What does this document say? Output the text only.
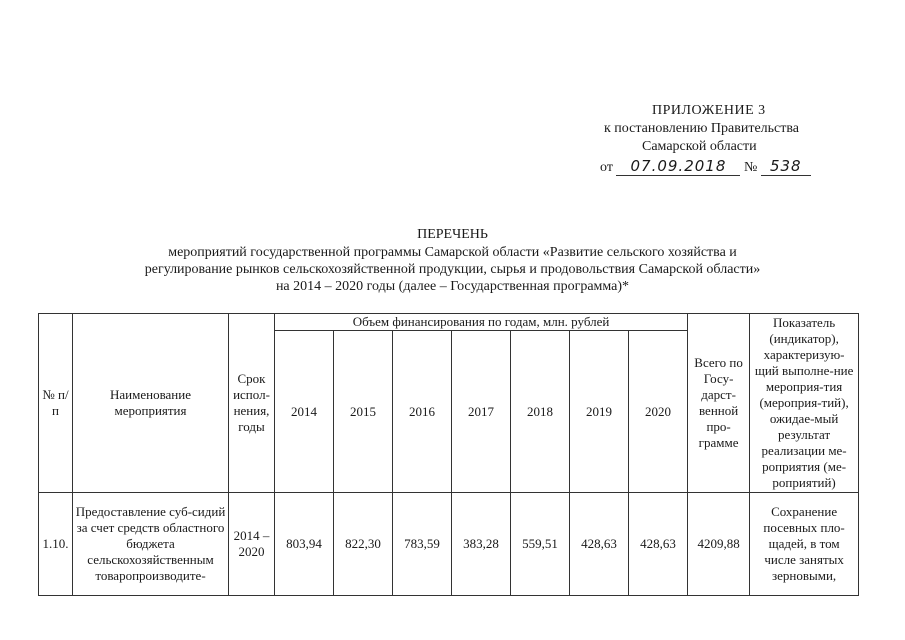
ПРИЛОЖЕНИЕ 3
к постановлению Правительства
Самарской области
от 07.09.2018 № 538
ПЕРЕЧЕНЬ
мероприятий государственной программы Самарской области «Развитие сельского хозяйства и
регулирование рынков сельскохозяйственной продукции, сырья и продовольствия Самарской области»
на 2014 – 2020 годы (далее – Государственная программа)*
№ п/п	Наименование мероприятия	Срок испол-нения, годы	Объем финансирования по годам, млн. рублей							Всего по Госу-дарст-венной про-грамме	Показатель (индикатор), характеризую-щий выполне-ние мероприя-тия (мероприя-тий), ожидае-мый результат реализации ме-роприятия (ме-роприятий)
			2014	2015	2016	2017	2018	2019	2020		
1.10.	Предоставление суб-сидий за счет средств областного бюджета сельскохозяйственным товаропроизводите-	2014 – 2020	803,94	822,30	783,59	383,28	559,51	428,63	428,63	4209,88	Сохранение посевных пло-щадей, в том числе занятых зерновыми,
